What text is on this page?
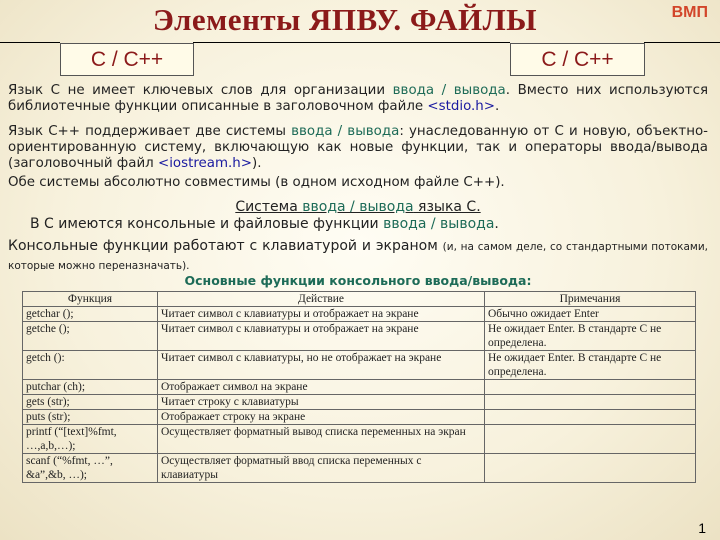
Элементы ЯПВУ. ФАЙЛЫ	ВМП
C / C++	C / C++
Язык С не имеет ключевых слов для организации ввода / вывода. Вместо них используются библиотечные функции описанные в заголовочном файле <stdio.h>.
Язык С++ поддерживает две системы ввода / вывода: унаследованную от С и новую, объектно-ориентированную систему, включающую как новые функции, так и операторы ввода/вывода (заголовочный файл <iostream.h>).
Обе системы абсолютно совместимы (в одном исходном файле С++).
Система ввода / вывода языка С.
В С имеются консольные и файловые функции ввода / вывода.
Консольные функции работают с клавиатурой и экраном (и, на самом деле, со стандартными потоками, которые можно переназначать).
Основные функции консольного ввода/вывода:
Функция	Действие	Примечания
getchar ();	Читает символ с клавиатуры и отображает на экране	Обычно ожидает Enter
getche ();	Читает символ с клавиатуры и отображает на экране	Не ожидает Enter. В стандарте С не определена.
getch ():	Читает символ с клавиатуры, но не отображает на экране	Не ожидает Enter. В стандарте С не определена.
putchar (ch);	Отображает символ на экране	
gets (str);	Читает строку с клавиатуры	
puts (str);	Отображает строку на экране	
printf (“[text]%fmt, …,a,b,…);	Осуществляет форматный вывод списка переменных на экран	
scanf (“%fmt, …”, &a”,&b, …);	Осуществляет форматный ввод списка переменных с клавиатуры	
1
